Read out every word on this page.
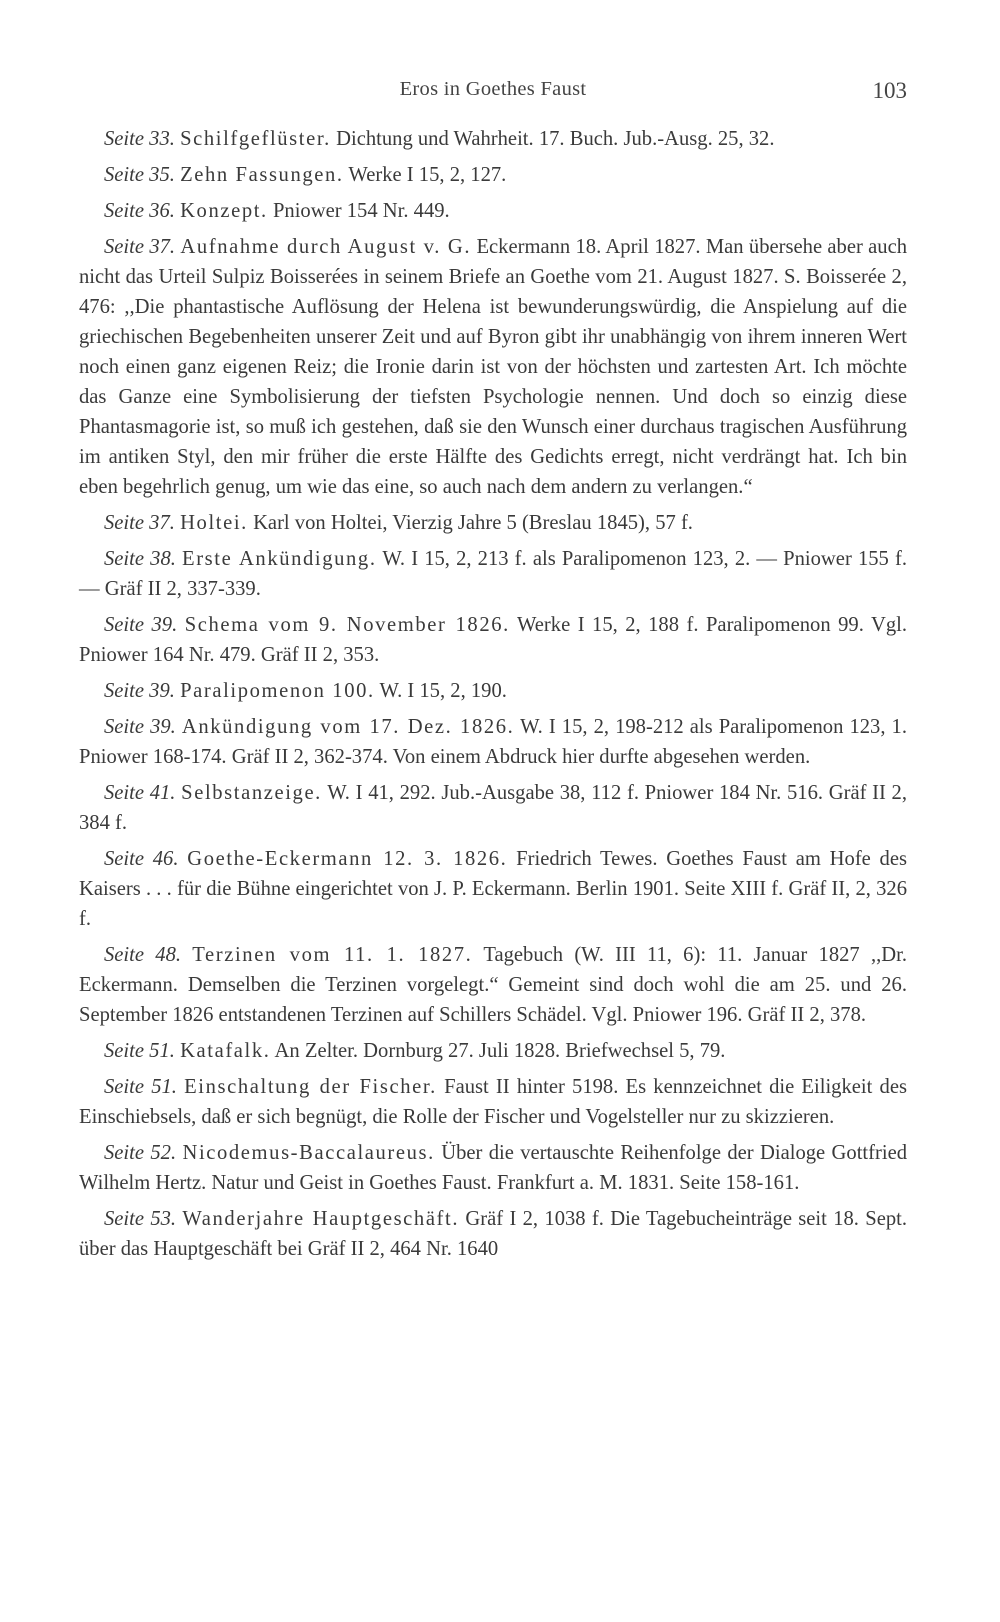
Eros in Goethes Faust	103

Seite 33. Schilfgeflüster. Dichtung und Wahrheit. 17. Buch. Jub.-Ausg. 25, 32.

Seite 35. Zehn Fassungen. Werke I 15, 2, 127.

Seite 36. Konzept. Pniower 154 Nr. 449.

Seite 37. Aufnahme durch August v. G. Eckermann 18. April 1827. Man übersehe aber auch nicht das Urteil Sulpiz Boisserées in seinem Briefe an Goethe vom 21. August 1827. S. Boisserée 2, 476: ,,Die phantastische Auflösung der Helena ist bewunderungswürdig, die Anspielung auf die griechischen Begebenheiten unserer Zeit und auf Byron gibt ihr unabhängig von ihrem inneren Wert noch einen ganz eigenen Reiz; die Ironie darin ist von der höchsten und zartesten Art. Ich möchte das Ganze eine Symbolisierung der tiefsten Psychologie nennen. Und doch so einzig diese Phantasmagorie ist, so muß ich gestehen, daß sie den Wunsch einer durchaus tragischen Ausführung im antiken Styl, den mir früher die erste Hälfte des Gedichts erregt, nicht verdrängt hat. Ich bin eben begehrlich genug, um wie das eine, so auch nach dem andern zu verlangen.“

Seite 37. Holtei. Karl von Holtei, Vierzig Jahre 5 (Breslau 1845), 57 f.

Seite 38. Erste Ankündigung. W. I 15, 2, 213 f. als Paralipomenon 123, 2. — Pniower 155 f. — Gräf II 2, 337-339.

Seite 39. Schema vom 9. November 1826. Werke I 15, 2, 188 f. Paralipomenon 99. Vgl. Pniower 164 Nr. 479. Gräf II 2, 353.

Seite 39. Paralipomenon 100. W. I 15, 2, 190.

Seite 39. Ankündigung vom 17. Dez. 1826. W. I 15, 2, 198-212 als Paralipomenon 123, 1. Pniower 168-174. Gräf II 2, 362-374. Von einem Abdruck hier durfte abgesehen werden.

Seite 41. Selbstanzeige. W. I 41, 292. Jub.-Ausgabe 38, 112 f. Pniower 184 Nr. 516. Gräf II 2, 384 f.

Seite 46. Goethe-Eckermann 12. 3. 1826. Friedrich Tewes. Goethes Faust am Hofe des Kaisers . . . für die Bühne eingerichtet von J. P. Eckermann. Berlin 1901. Seite XIII f. Gräf II, 2, 326 f.

Seite 48. Terzinen vom 11. 1. 1827. Tagebuch (W. III 11, 6): 11. Januar 1827 ,,Dr. Eckermann. Demselben die Terzinen vorgelegt.“ Gemeint sind doch wohl die am 25. und 26. September 1826 entstandenen Terzinen auf Schillers Schädel. Vgl. Pniower 196. Gräf II 2, 378.

Seite 51. Katafalk. An Zelter. Dornburg 27. Juli 1828. Briefwechsel 5, 79.

Seite 51. Einschaltung der Fischer. Faust II hinter 5198. Es kennzeichnet die Eiligkeit des Einschiebsels, daß er sich begnügt, die Rolle der Fischer und Vogelsteller nur zu skizzieren.

Seite 52. Nicodemus-Baccalaureus. Über die vertauschte Reihenfolge der Dialoge Gottfried Wilhelm Hertz. Natur und Geist in Goethes Faust. Frankfurt a. M. 1831. Seite 158-161.

Seite 53. Wanderjahre Hauptgeschäft. Gräf I 2, 1038 f. Die Tagebucheinträge seit 18. Sept. über das Hauptgeschäft bei Gräf II 2, 464 Nr. 1640
